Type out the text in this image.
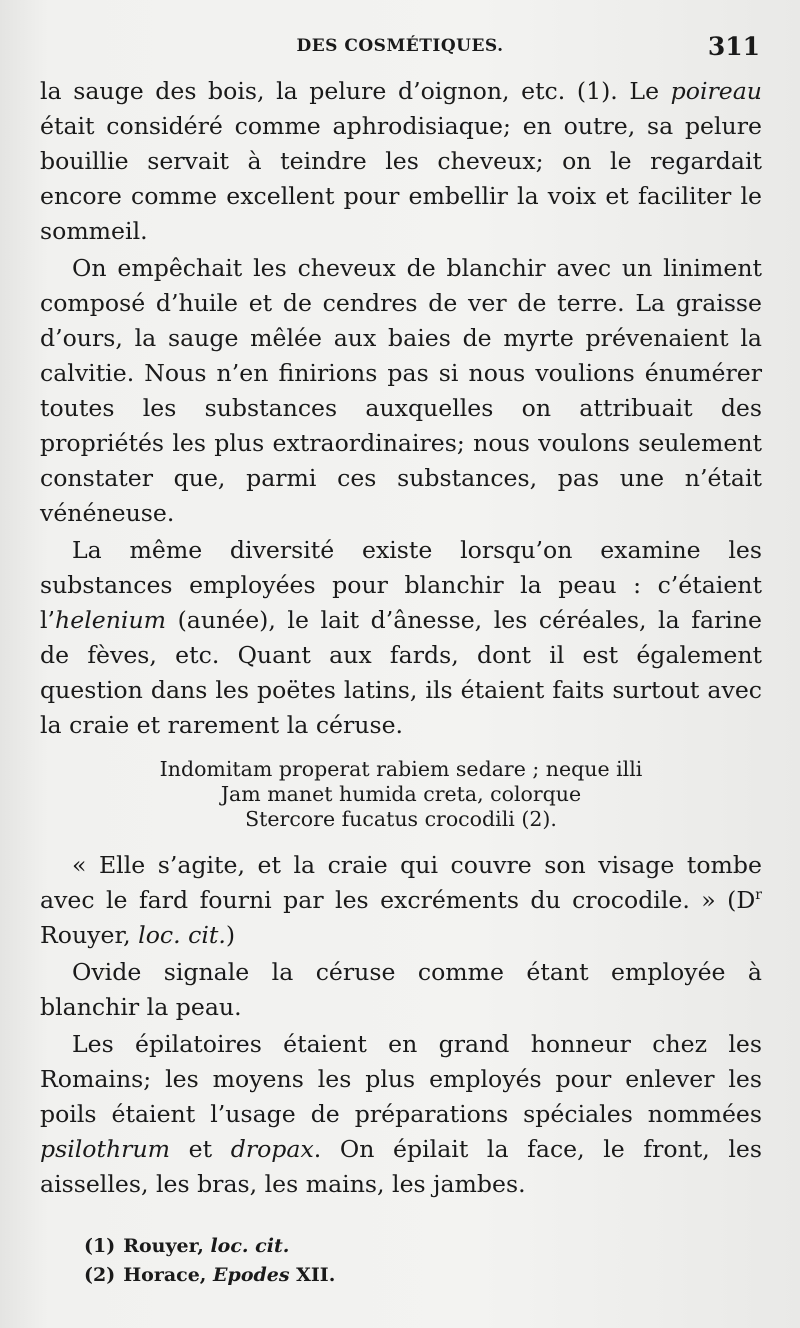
DES COSMÉTIQUES.	311

la sauge des bois, la pelure d’oignon, etc. (1). Le poireau était considéré comme aphrodisiaque; en outre, sa pelure bouillie servait à teindre les cheveux; on le regardait encore comme excellent pour embellir la voix et faciliter le sommeil.

On empêchait les cheveux de blanchir avec un liniment composé d’huile et de cendres de ver de terre. La graisse d’ours, la sauge mêlée aux baies de myrte prévenaient la calvitie. Nous n’en finirions pas si nous voulions énumérer toutes les substances auxquelles on attribuait des propriétés les plus extraordinaires; nous voulons seulement constater que, parmi ces substances, pas une n’était vénéneuse.

La même diversité existe lorsqu’on examine les substances employées pour blanchir la peau : c’étaient l’helenium (aunée), le lait d’ânesse, les céréales, la farine de fèves, etc. Quant aux fards, dont il est également question dans les poëtes latins, ils étaient faits surtout avec la craie et rarement la céruse.

Indomitam properat rabiem sedare ; neque illi
Jam manet humida creta, colorque
Stercore fucatus crocodili (2).

« Elle s’agite, et la craie qui couvre son visage tombe avec le fard fourni par les excréments du crocodile. » ($D^r$ Rouyer, loc. cit.)

Ovide signale la céruse comme étant employée à blanchir la peau.

Les épilatoires étaient en grand honneur chez les Romains; les moyens les plus employés pour enlever les poils étaient l’usage de préparations spéciales nommées psilothrum et dropax. On épilait la face, le front, les aisselles, les bras, les mains, les jambes.

(1) Rouyer, loc. cit.
(2) Horace, Epodes XII.
